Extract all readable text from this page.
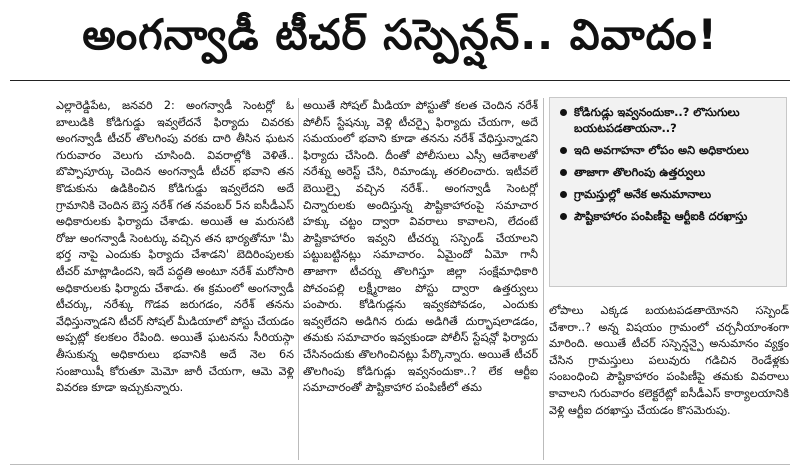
అంగన్వాడీ టీచర్ సస్పెన్షన్.. వివాదం!

ఎల్లారెడ్డిపేట, జనవరి 2: అంగన్వాడీ సెంటర్లో ఓ బాలుడికి కోడిగుడ్డు ఇవ్వలేదనే ఫిర్యాదు చివరకు అంగన్వాడీ టీచర్ తొలగింపు వరకు దారి తీసిన ఘటన గురువారం వెలుగు చూసింది. వివరాల్లోకి వెళితే.. బొప్పాపూర్కు చెందిన అంగన్వాడీ టీచర్ భవాని తన కొడుకును ఉడికించిన కోడిగుడ్డు ఇవ్వలేదని అదే గ్రామానికి చెందిన బెస్త నరేశ్ గత నవంబర్ 5న ఐసీడీఎస్ అధికారులకు ఫిర్యాదు చేశాడు. అయితే ఆ మరుసటి రోజు అంగన్వాడీ సెంటర్కు వచ్చిన తన భార్యతోనూ 'మీ భర్త నాపై ఎందుకు ఫిర్యాదు చేశాడని' బెదిరింపులకు టీచర్ మాట్లాడిందని, ఇదే పద్ధతి అంటూ నరేశ్ మరోసారి అధికారులకు ఫిర్యాదు చేశాడు. ఈ క్రమంలో అంగన్వాడీ టీచర్కు, నరేశ్కు గొడవ జరుగడం, నరేశ్ తనను వేధిస్తున్నాడని టీచర్ సోషల్ మీడియాలో పోస్టు చేయడం అప్పట్లో కలకలం రేపింది. అయితే ఘటనను సీరియస్గా తీసుకున్న అధికారులు భవానికి అదే నెల 6న సంజాయిషీ కోరుతూ మెమో జారీ చేయగా, ఆమె వెళ్లి వివరణ కూడా ఇచ్చుకున్నారు.

అయితే సోషల్ మీడియా పోస్టుతో కలత చెందిన నరేశ్ పోలీస్ స్టేషన్కు వెళ్లి టీచర్పై ఫిర్యాదు చేయగా, అదే సమయంలో భవాని కూడా తనను నరేశ్ వేధిస్తున్నాడని ఫిర్యాదు చేసింది. దీంతో పోలీసులు ఎస్సీ ఆదేశాలతో నరేశ్ను అరెస్ట్ చేసి, రిమాండ్కు తరలించారు. ఇటీవలే బెయిల్పై వచ్చిన నరేశ్.. అంగన్వాడీ సెంటర్లో చిన్నారులకు అందిస్తున్న పౌష్టికాహారంపై సమాచార హక్కు చట్టం ద్వారా వివరాలు కావాలని, లేదంటే పౌష్టికాహారం ఇవ్వని టీచర్ను సస్పెండ్ చేయాలని పట్టుబట్టినట్లు సమాచారం. ఏమైందో ఏమో గానీ తాజాగా టీచర్ను తొలగిస్తూ జిల్లా సంక్షేమాధికారి పోచంపల్లి లక్ష్మీరాజం పోస్టు ద్వారా ఉత్తర్వులు పంపారు. కోడిగుడ్లను ఇవ్వకపోవడం, ఎందుకు ఇవ్వలేదని అడిగిన రుడు అడిగితే దుర్భాషలాడడం, తమకు సమాచారం ఇవ్వకుండా పోలీస్ స్టేషన్లో ఫిర్యాదు చేసినందుకు తొలగించినట్లు పేర్కొన్నారు. అయితే టీచర్ తొలగింపు కోడిగుడ్లు ఇవ్వనందుకా..? లేక ఆర్టీఐ సమాచారంతో పౌష్టికాహార పంపిణీలో తమ

కోడిగుడ్లు ఇవ్వనందుకా..? లొసుగులు బయటపడతాయనా..?
ఇది అవగాహనా లోపం అని అధికారులు
తాజాగా తొలగింపు ఉత్తర్వులు
గ్రామస్తుల్లో అనేక అనుమానాలు
పౌష్టికాహారం పంపిణీపై ఆర్టీఐకి దరఖాస్తు

లోపాలు ఎక్కడ బయటపడతాయోనని సస్పెండ్ చేశారా..? అన్న విషయం గ్రామంలో చర్చనీయాంశంగా మారింది. అయితే టీచర్ సస్పెన్షన్పై అనుమానం వ్యక్తం చేసిన గ్రామస్తులు పలువురు గడిచిన రెండేళ్లకు సంబంధించి పౌష్టికాహారం పంపిణీపై తమకు వివరాలు కావాలని గురువారం కలెక్టరేట్లో ఐసీడీఎస్ కార్యాలయానికి వెళ్లి ఆర్టీఐ దరఖాస్తు చేయడం కొసమెరుపు.
